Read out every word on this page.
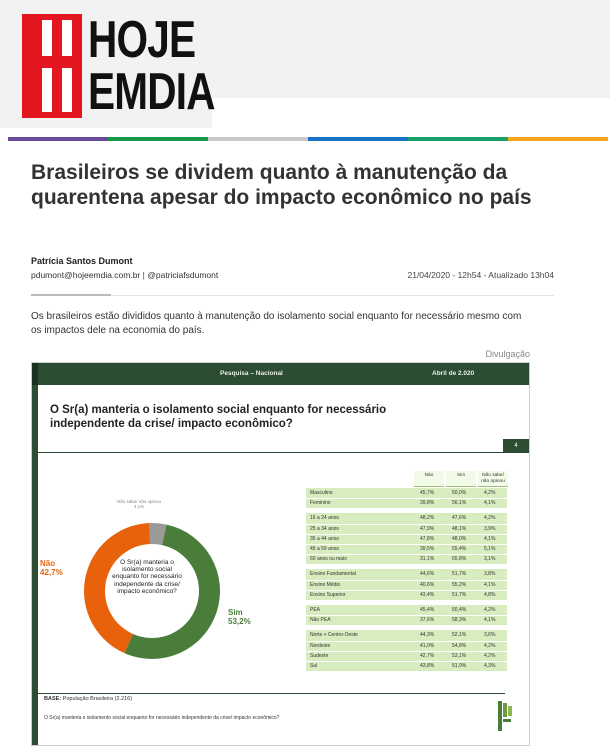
HOJE
EMDIA
Brasileiros se dividem quanto à manutenção da quarentena apesar do impacto econômico no país
Patrícia Santos Dumont
pdumont@hojeemdia.com.br | @patriciafsdumont	21/04/2020 - 12h54 - Atualizado 13h04

Os brasileiros estão divididos quanto à manutenção do isolamento social enquanto for necessário mesmo com os impactos dele na economia do país.

Divulgação
Pesquisa – Nacional	Abril de 2.020
O Sr(a) manteria o isolamento social enquanto for necessário independente da crise/ impacto econômico?
4
Não sabe/ não opinou 4,1%
Não
42,7%
Sim
53,2%
O Sr(a) manteria o isolamento social enquanto for necessário independente da crise/ impacto econômico?
Não	Sim	Não sabe/ não opinou
Masculino	45,7%	50,0%	4,2%
Feminino	39,8%	56,1%	4,1%
16 a 24 anos	48,2%	47,6%	4,2%
25 a 34 anos	47,9%	48,1%	3,9%
35 a 44 anos	47,8%	48,0%	4,1%
45 a 59 anos	39,5%	55,4%	5,1%
60 anos ou mais	31,1%	65,8%	3,1%
Ensino Fundamental	44,6%	51,7%	3,8%
Ensino Médio	40,6%	55,2%	4,1%
Ensino Superior	43,4%	51,7%	4,8%
PEA	45,4%	50,4%	4,2%
Não PEA	37,6%	58,3%	4,1%
Norte + Centro-Oeste	44,3%	52,1%	3,6%
Nordeste	41,0%	54,8%	4,2%
Sudeste	42,7%	53,1%	4,2%
Sul	43,8%	51,9%	4,3%
BASE: População Brasileira (2.216)
O Sr(a) manteria o isolamento social enquanto for necessário independente da crise/ impacto econômico?
